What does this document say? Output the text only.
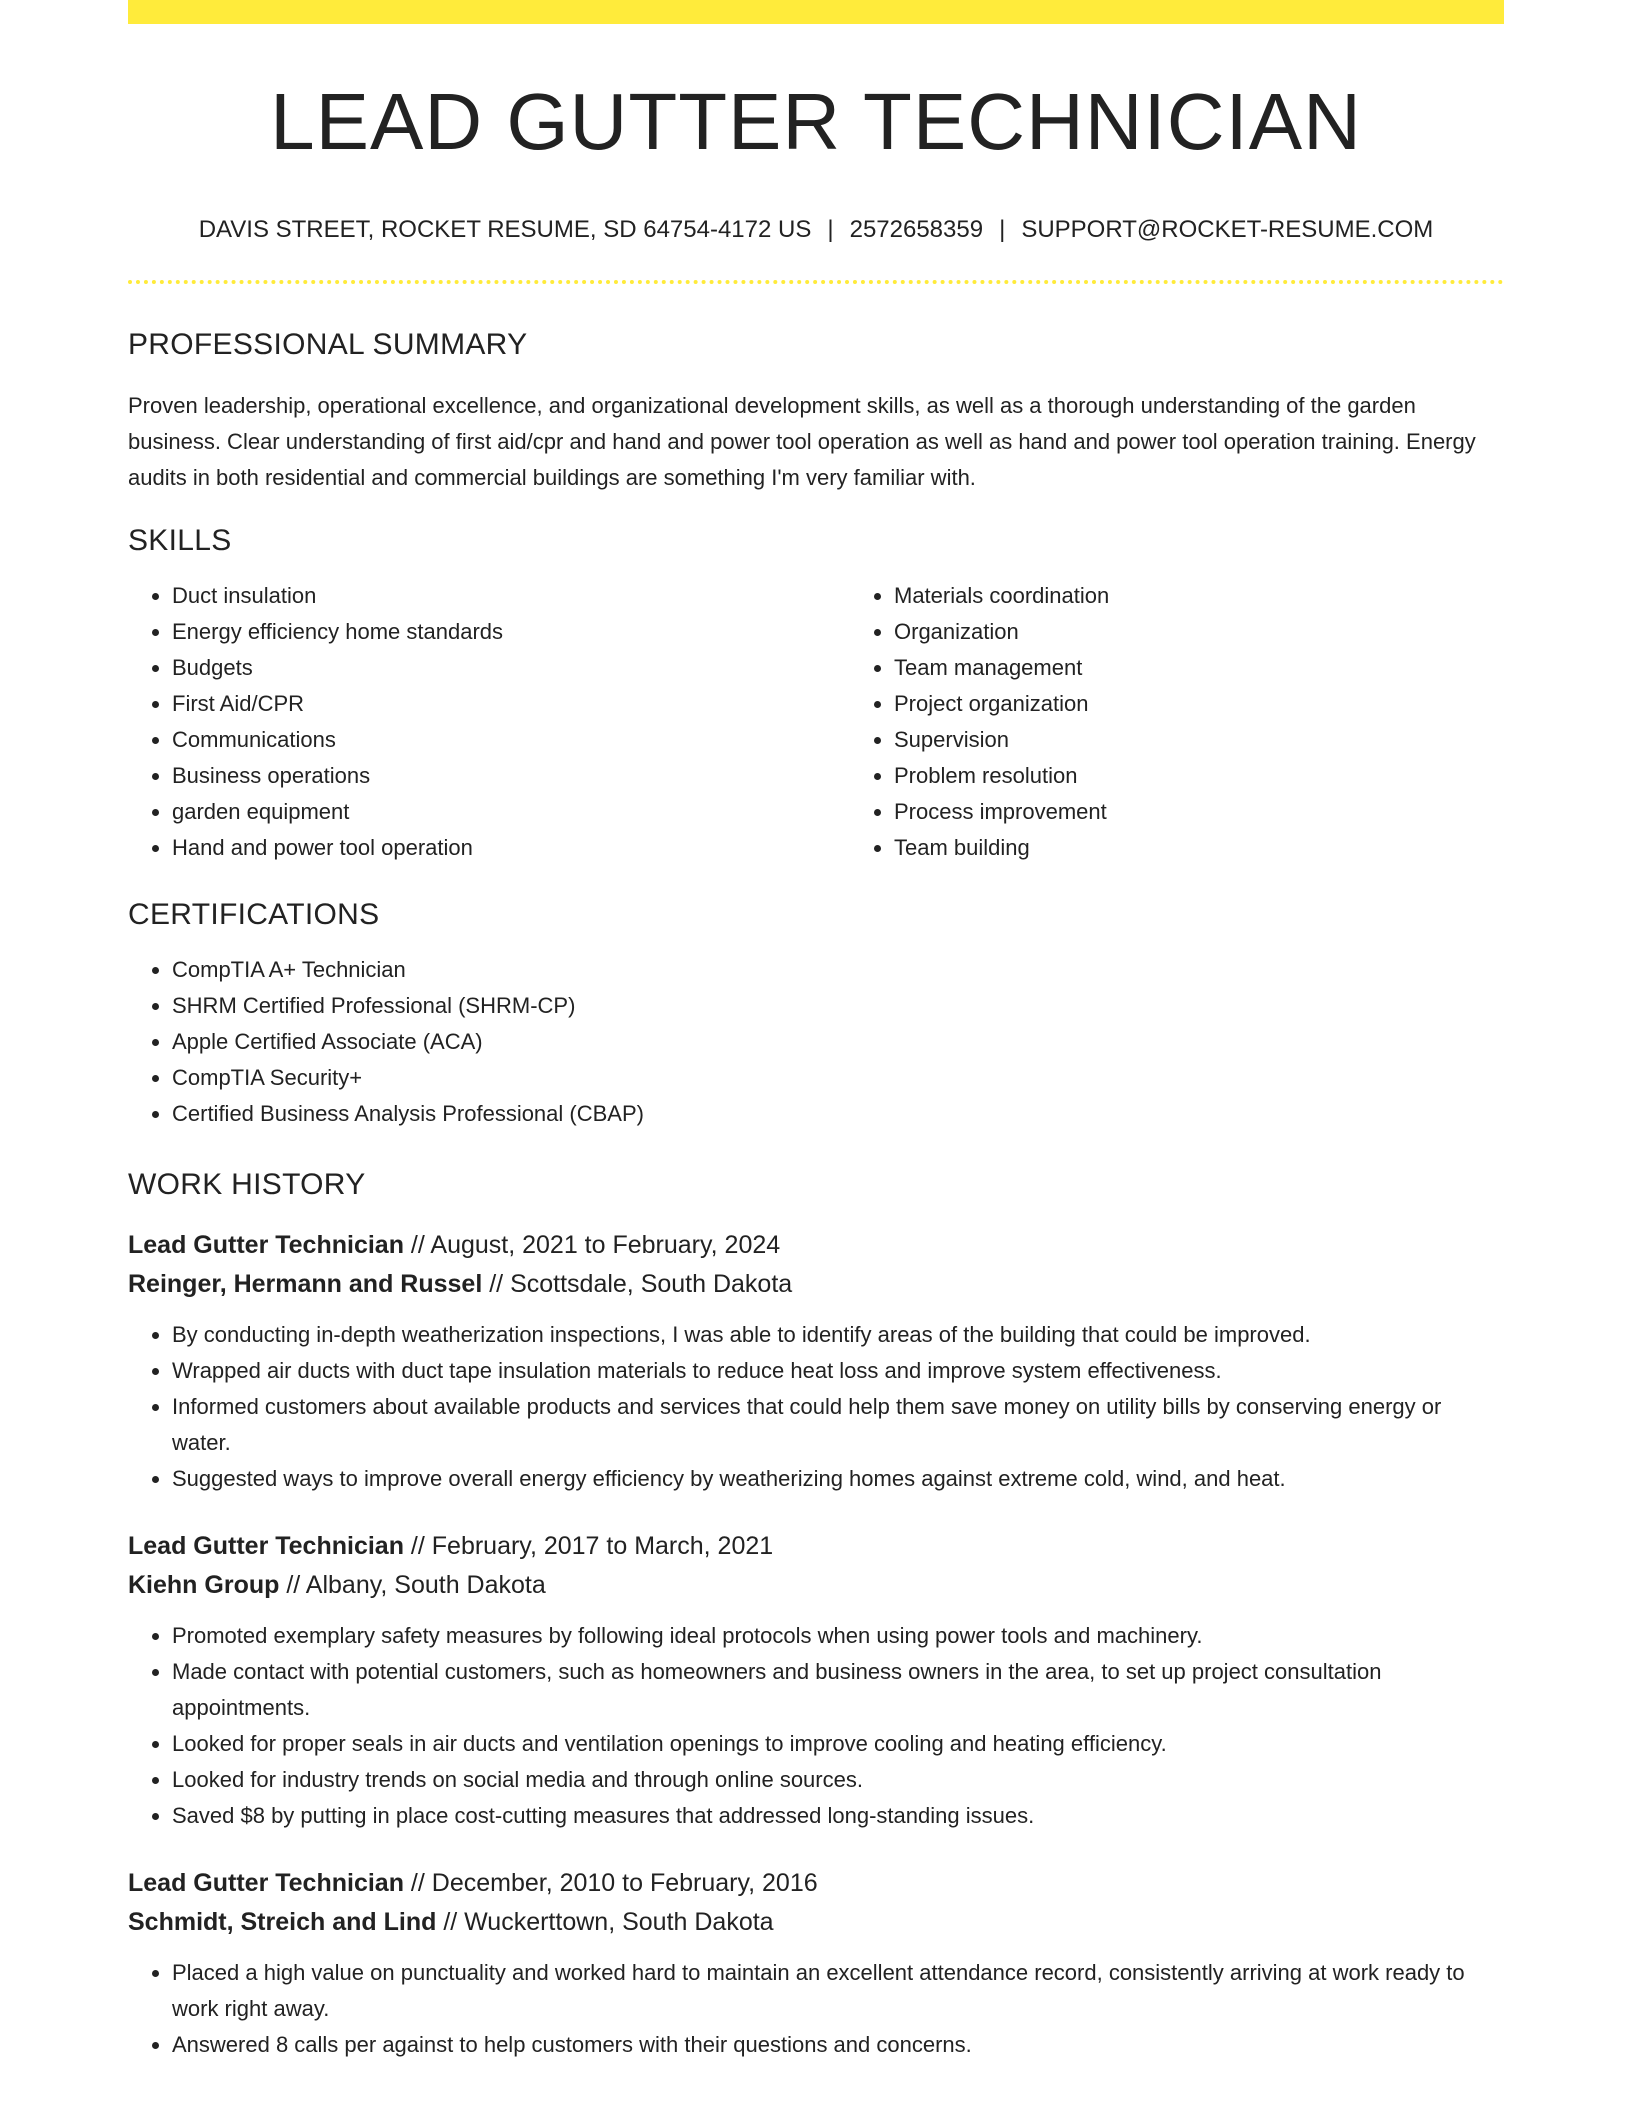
LEAD GUTTER TECHNICIAN
DAVIS STREET, ROCKET RESUME, SD 64754-4172 US | 2572658359 | SUPPORT@ROCKET-RESUME.COM
PROFESSIONAL SUMMARY

Proven leadership, operational excellence, and organizational development skills, as well as a thorough understanding of the garden business. Clear understanding of first aid/cpr and hand and power tool operation as well as hand and power tool operation training. Energy audits in both residential and commercial buildings are something I'm very familiar with.

SKILLS
• Duct insulation
• Energy efficiency home standards
• Budgets
• First Aid/CPR
• Communications
• Business operations
• garden equipment
• Hand and power tool operation
• Materials coordination
• Organization
• Team management
• Project organization
• Supervision
• Problem resolution
• Process improvement
• Team building
CERTIFICATIONS
• CompTIA A+ Technician
• SHRM Certified Professional (SHRM-CP)
• Apple Certified Associate (ACA)
• CompTIA Security+
• Certified Business Analysis Professional (CBAP)
WORK HISTORY
Lead Gutter Technician // August, 2021 to February, 2024
Reinger, Hermann and Russel // Scottsdale, South Dakota
• By conducting in-depth weatherization inspections, I was able to identify areas of the building that could be improved.
• Wrapped air ducts with duct tape insulation materials to reduce heat loss and improve system effectiveness.
• Informed customers about available products and services that could help them save money on utility bills by conserving energy or water.
• Suggested ways to improve overall energy efficiency by weatherizing homes against extreme cold, wind, and heat.
Lead Gutter Technician // February, 2017 to March, 2021
Kiehn Group // Albany, South Dakota
• Promoted exemplary safety measures by following ideal protocols when using power tools and machinery.
• Made contact with potential customers, such as homeowners and business owners in the area, to set up project consultation appointments.
• Looked for proper seals in air ducts and ventilation openings to improve cooling and heating efficiency.
• Looked for industry trends on social media and through online sources.
• Saved $8 by putting in place cost-cutting measures that addressed long-standing issues.
Lead Gutter Technician // December, 2010 to February, 2016
Schmidt, Streich and Lind // Wuckerttown, South Dakota
• Placed a high value on punctuality and worked hard to maintain an excellent attendance record, consistently arriving at work ready to work right away.
• Answered 8 calls per against to help customers with their questions and concerns.
